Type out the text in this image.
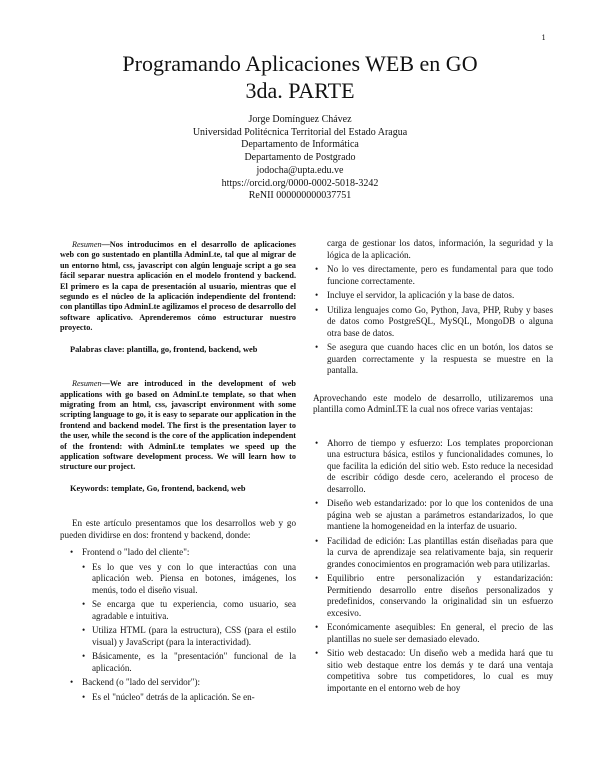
1
Programando Aplicaciones WEB en GO
3da. PARTE
Jorge Domínguez Chávez
Universidad Politécnica Territorial del Estado Aragua
Departamento de Informática
Departamento de Postgrado
jodocha@upta.edu.ve
https://orcid.org/0000-0002-5018-3242
ReNII 000000000037751
Resumen—Nos introducimos en el desarrollo de aplicaciones web con go sustentado en plantilla AdminLte, tal que al migrar de un entorno html, css, javascript con algún lenguaje script a go sea fácil separar nuestra aplicación en el modelo frontend y backend. El primero es la capa de presentación al usuario, mientras que el segundo es el núcleo de la aplicación independiente del frontend: con plantillas tipo AdminLte agilizamos el proceso de desarrollo del software aplicativo. Aprenderemos cómo estructurar nuestro proyecto.
Palabras clave: plantilla, go, frontend, backend, web
Resumen—We are introduced in the development of web applications with go based on AdminLte template, so that when migrating from an html, css, javascript environment with some scripting language to go, it is easy to separate our application in the frontend and backend model. The first is the presentation layer to the user, while the second is the core of the application independent of the frontend: with AdminLte templates we speed up the application software development process. We will learn how to structure our project.
Keywords: template, Go, frontend, backend, web

En este artículo presentamos que los desarrollos web y go pueden dividirse en dos: frontend y backend, donde:

• Frontend o "lado del cliente":
• Es lo que ves y con lo que interactúas con una aplicación web. Piensa en botones, imágenes, los menús, todo el diseño visual.
• Se encarga que tu experiencia, como usuario, sea agradable e intuitiva.
• Utiliza HTML (para la estructura), CSS (para el estilo visual) y JavaScript (para la interactividad).
• Básicamente, es la "presentación" funcional de la aplicación.
• Backend (o "lado del servidor"):
• Es el "núcleo" detrás de la aplicación. Se en-
carga de gestionar los datos, información, la seguridad y la lógica de la aplicación.
• No lo ves directamente, pero es fundamental para que todo funcione correctamente.
• Incluye el servidor, la aplicación y la base de datos.
• Utiliza lenguajes como Go, Python, Java, PHP, Ruby y bases de datos como PostgreSQL, MySQL, MongoDB o alguna otra base de datos.
• Se asegura que cuando haces clic en un botón, los datos se guarden correctamente y la respuesta se muestre en la pantalla.

Aprovechando este modelo de desarrollo, utilizaremos una plantilla como AdminLTE la cual nos ofrece varias ventajas:

• Ahorro de tiempo y esfuerzo: Los templates proporcionan una estructura básica, estilos y funcionalidades comunes, lo que facilita la edición del sitio web. Esto reduce la necesidad de escribir código desde cero, acelerando el proceso de desarrollo.
• Diseño web estandarizado: por lo que los contenidos de una página web se ajustan a parámetros estandarizados, lo que mantiene la homogeneidad en la interfaz de usuario.
• Facilidad de edición: Las plantillas están diseñadas para que la curva de aprendizaje sea relativamente baja, sin requerir grandes conocimientos en programación web para utilizarlas.
• Equilibrio entre personalización y estandarización: Permitiendo desarrollo entre diseños personalizados y predefinidos, conservando la originalidad sin un esfuerzo excesivo.
• Económicamente asequibles: En general, el precio de las plantillas no suele ser demasiado elevado.
• Sitio web destacado: Un diseño web a medida hará que tu sitio web destaque entre los demás y te dará una ventaja competitiva sobre tus competidores, lo cual es muy importante en el entorno web de hoy
